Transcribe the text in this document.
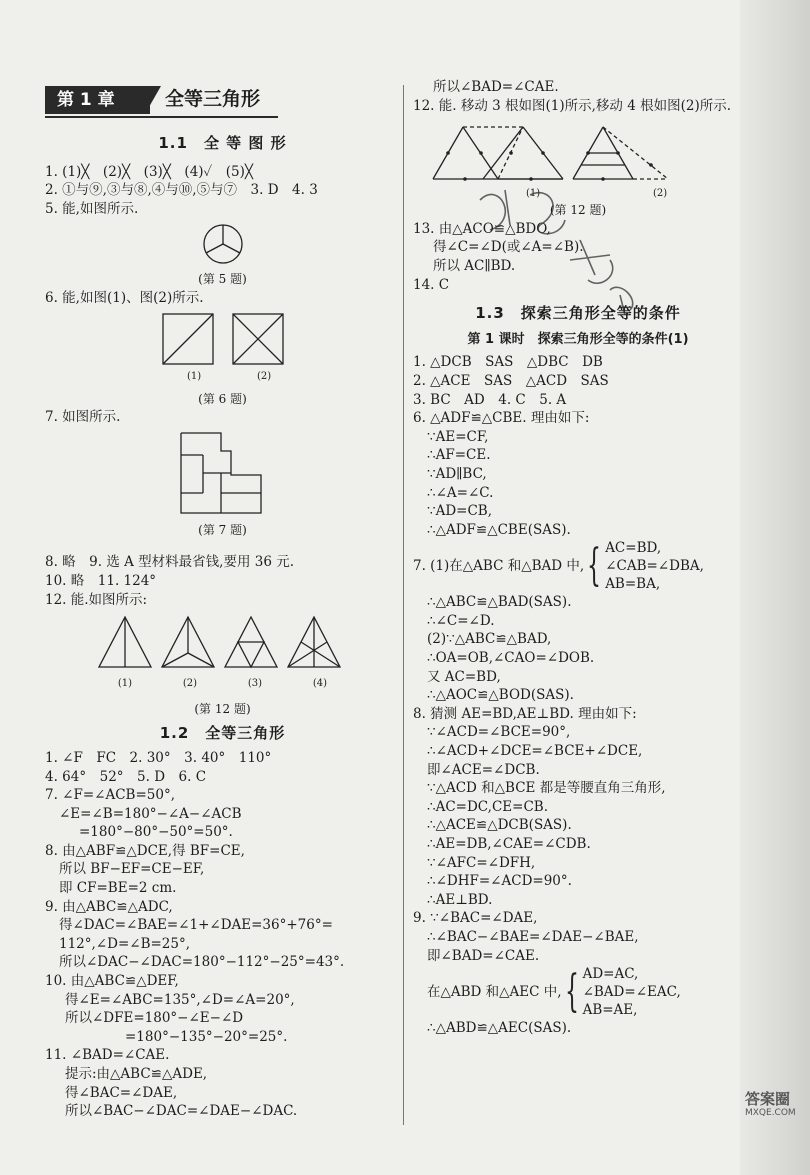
第 1 章	全等三角形
1.1　全 等 图 形
1. (1)╳　(2)╳　(3)╳　(4)✓　(5)╳
2. ①与⑨,③与⑧,④与⑩,⑤与⑦　3. D　4. 3
5. 能,如图所示.
(第 5 题)
6. 能,如图(1)、图(2)所示.
(1)	(2)
(第 6 题)
7. 如图所示.
(第 7 题)
8. 略　9. 选 A 型材料最省钱,要用 36 元.
10. 略　11. 124°
12. 能.如图所示:
(1)	(2)	(3)	(4)
(第 12 题)
1.2　全等三角形
1. ∠F　FC　2. 30°　3. 40°　110°
4. 64°　52°　5. D　6. C
7. ∠F=∠ACB=50°,
∠E=∠B=180°−∠A−∠ACB
=180°−80°−50°=50°.
8. 由△ABF≌△DCE,得 BF=CE,
所以 BF−EF=CE−EF,
即 CF=BE=2 cm.
9. 由△ABC≌△ADC,
得∠DAC=∠BAE=∠1+∠DAE=36°+76°=
112°,∠D=∠B=25°,
所以∠DAC−∠DAC=180°−112°−25°=43°.
10. 由△ABC≌△DEF,
得∠E=∠ABC=135°,∠D=∠A=20°,
所以∠DFE=180°−∠E−∠D
=180°−135°−20°=25°.
11. ∠BAD=∠CAE.
提示:由△ABC≌△ADE,
得∠BAC=∠DAE,
所以∠BAC−∠DAC=∠DAE−∠DAC.
所以∠BAD=∠CAE.
12. 能. 移动 3 根如图(1)所示,移动 4 根如图(2)所示.
(1)	(2)
(第 12 题)
13. 由△ACO≌△BDO,
得∠C=∠D(或∠A=∠B).
所以 AC∥BD.
14. C
1.3　探索三角形全等的条件
第 1 课时　探索三角形全等的条件(1)
1. △DCB　SAS　△DBC　DB
2. △ACE　SAS　△ACD　SAS
3. BC　AD　4. C　5. A
6. △ADF≌△CBE. 理由如下:
∵AE=CF,
∴AF=CE.
∵AD∥BC,
∴∠A=∠C.
∵AD=CB,
∴△ADF≌△CBE(SAS).
7. (1)在△ABC 和△BAD 中, { AC=BD,
∠CAB=∠DBA,
AB=BA,
∴△ABC≌△BAD(SAS).
∴∠C=∠D.
(2)∵△ABC≌△BAD,
∴OA=OB,∠CAO=∠DOB.
又 AC=BD,
∴△AOC≌△BOD(SAS).
8. 猜测 AE=BD,AE⊥BD. 理由如下:
∵∠ACD=∠BCE=90°,
∴∠ACD+∠DCE=∠BCE+∠DCE,
即∠ACE=∠DCB.
∵△ACD 和△BCE 都是等腰直角三角形,
∴AC=DC,CE=CB.
∴△ACE≌△DCB(SAS).
∴AE=DB,∠CAE=∠CDB.
∵∠AFC=∠DFH,
∴∠DHF=∠ACD=90°.
∴AE⊥BD.
9. ∵∠BAC=∠DAE,
∴∠BAC−∠BAE=∠DAE−∠BAE,
即∠BAD=∠CAE.
在△ABD 和△AEC 中, { AD=AC,
∠BAD=∠EAC,
AB=AE,
∴△ABD≌△AEC(SAS).
答案圈
MXQE.COM
